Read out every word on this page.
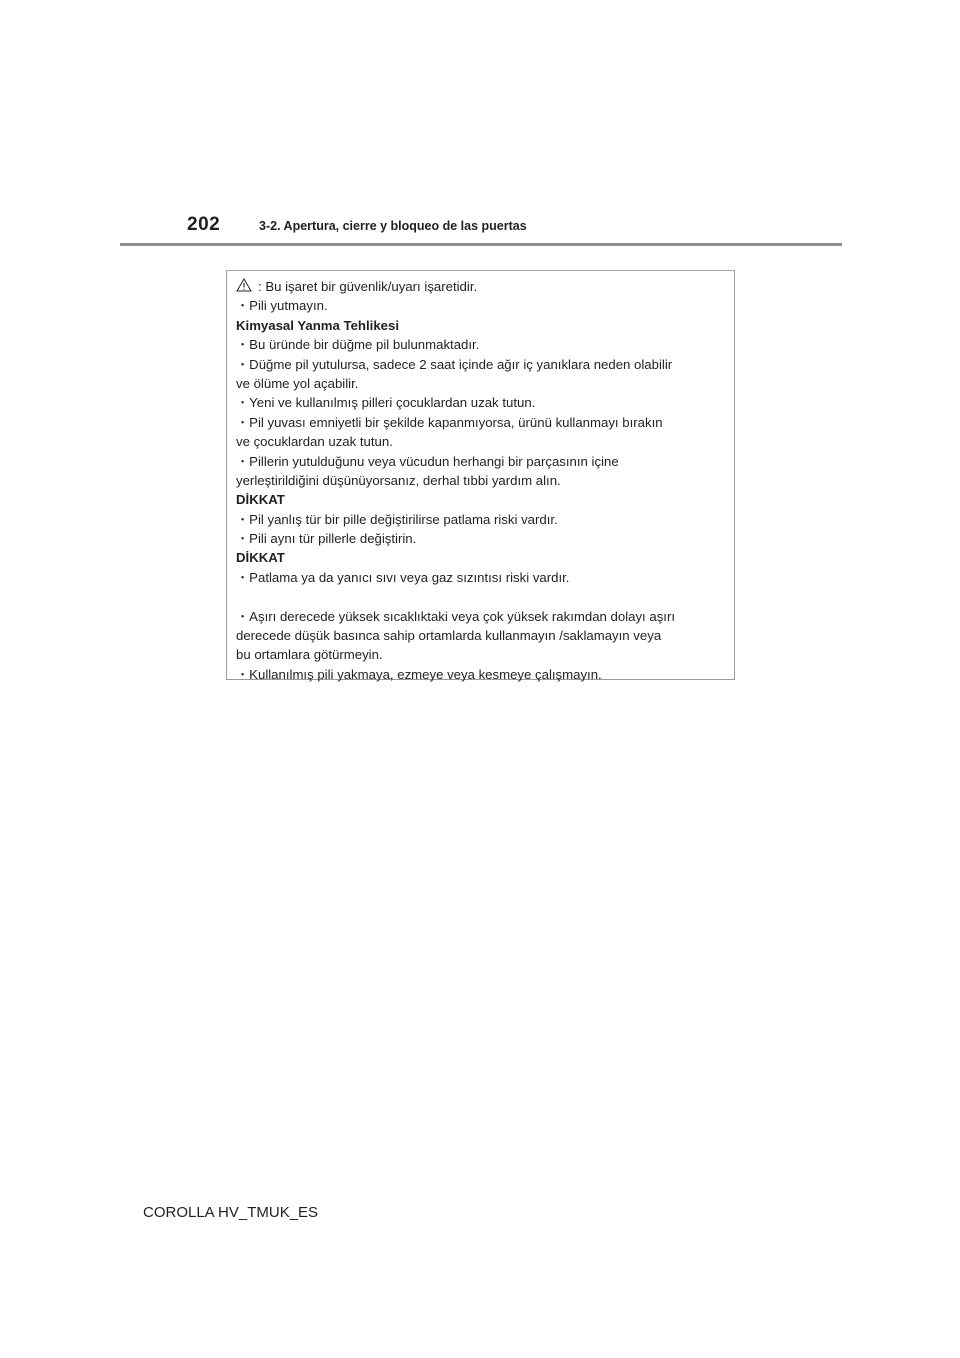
202	3-2. Apertura, cierre y bloqueo de las puertas
: Bu işaret bir güvenlik/uyarı işaretidir.
・Pili yutmayın.
Kimyasal Yanma Tehlikesi
・Bu üründe bir düğme pil bulunmaktadır.
・Düğme pil yutulursa, sadece 2 saat içinde ağır iç yanıklara neden olabilir
ve ölüme yol açabilir.
・Yeni ve kullanılmış pilleri çocuklardan uzak tutun.
・Pil yuvası emniyetli bir şekilde kapanmıyorsa, ürünü kullanmayı bırakın
ve çocuklardan uzak tutun.
・Pillerin yutulduğunu veya vücudun herhangi bir parçasının içine
yerleştirildiğini düşünüyorsanız, derhal tıbbi yardım alın.
DİKKAT
・Pil yanlış tür bir pille değiştirilirse patlama riski vardır.
・Pili aynı tür pillerle değiştirin.
DİKKAT
・Patlama ya da yanıcı sıvı veya gaz sızıntısı riski vardır.
・Aşırı derecede yüksek sıcaklıktaki veya çok yüksek rakımdan dolayı aşırı
derecede düşük basınca sahip ortamlarda kullanmayın /saklamayın veya
bu ortamlara götürmeyin.
・Kullanılmış pili yakmaya, ezmeye veya kesmeye çalışmayın.
COROLLA HV_TMUK_ES
